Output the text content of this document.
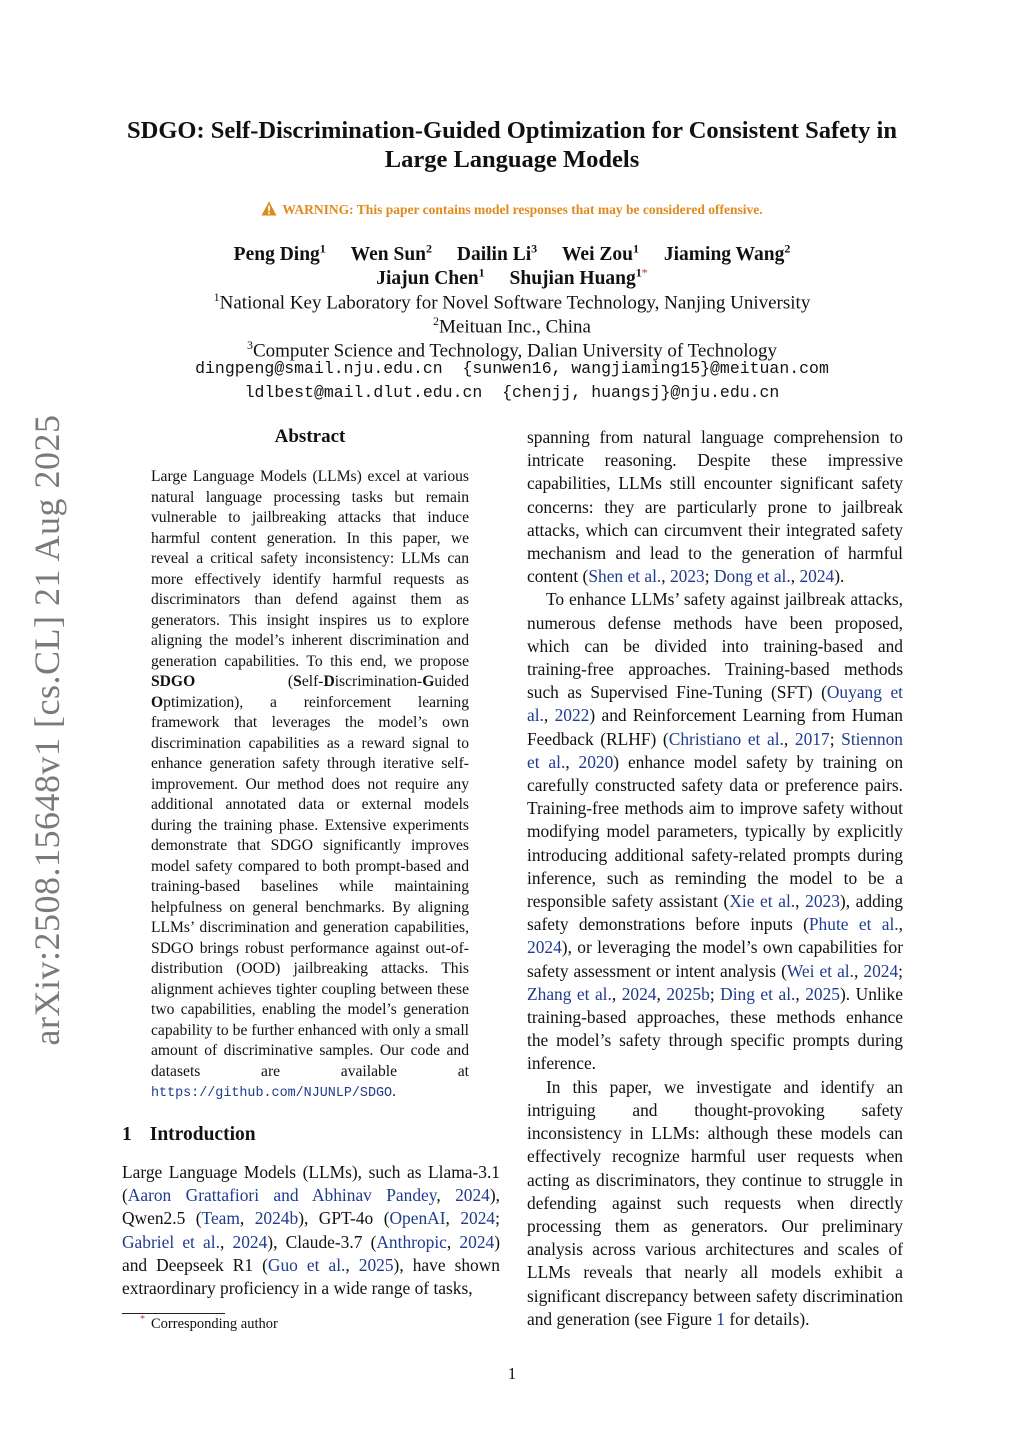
arXiv:2508.15648v1 [cs.CL] 21 Aug 2025
SDGO: Self-Discrimination-Guided Optimization for Consistent Safety in
Large Language Models
WARNING: This paper contains model responses that may be considered offensive.
Peng Ding$^1$ Wen Sun$^2$ Dailin Li$^3$ Wei Zou$^1$ Jiaming Wang$^2$
Jiajun Chen$^1$ Shujian Huang$^{1*}$
$^1$National Key Laboratory for Novel Software Technology, Nanjing University
$^2$Meituan Inc., China
$^3$Computer Science and Technology, Dalian University of Technology
dingpeng@smail.nju.edu.cn {sunwen16, wangjiaming15}@meituan.com
ldlbest@mail.dlut.edu.cn {chenjj, huangsj}@nju.edu.cn
Abstract
Large Language Models (LLMs) excel at various natural language processing tasks but remain vulnerable to jailbreaking attacks that induce harmful content generation. In this paper, we reveal a critical safety inconsistency: LLMs can more effectively identify harmful requests as discriminators than defend against them as generators. This insight inspires us to explore aligning the model’s inherent discrimination and generation capabilities. To this end, we propose SDGO (Self-Discrimination-Guided Optimization), a reinforcement learning framework that leverages the model’s own discrimination capabilities as a reward signal to enhance generation safety through iterative self-improvement. Our method does not require any additional annotated data or external models during the training phase. Extensive experiments demonstrate that SDGO significantly improves model safety compared to both prompt-based and training-based baselines while maintaining helpfulness on general benchmarks. By aligning LLMs’ discrimination and generation capabilities, SDGO brings robust performance against out-of-distribution (OOD) jailbreaking attacks. This alignment achieves tighter coupling between these two capabilities, enabling the model’s generation capability to be further enhanced with only a small amount of discriminative samples. Our code and datasets are available at https://github.com/NJUNLP/SDGO.
1 Introduction
Large Language Models (LLMs), such as Llama-3.1 (Aaron Grattafiori and Abhinav Pandey, 2024), Qwen2.5 (Team, 2024b), GPT-4o (OpenAI, 2024; Gabriel et al., 2024), Claude-3.7 (Anthropic, 2024) and Deepseek R1 (Guo et al., 2025), have shown extraordinary proficiency in a wide range of tasks,

spanning from natural language comprehension to intricate reasoning. Despite these impressive capabilities, LLMs still encounter significant safety concerns: they are particularly prone to jailbreak attacks, which can circumvent their integrated safety mechanism and lead to the generation of harmful content (Shen et al., 2023; Dong et al., 2024).

To enhance LLMs’ safety against jailbreak attacks, numerous defense methods have been proposed, which can be divided into training-based and training-free approaches. Training-based methods such as Supervised Fine-Tuning (SFT) (Ouyang et al., 2022) and Reinforcement Learning from Human Feedback (RLHF) (Christiano et al., 2017; Stiennon et al., 2020) enhance model safety by training on carefully constructed safety data or preference pairs. Training-free methods aim to improve safety without modifying model parameters, typically by explicitly introducing additional safety-related prompts during inference, such as reminding the model to be a responsible safety assistant (Xie et al., 2023), adding safety demonstrations before inputs (Phute et al., 2024), or leveraging the model’s own capabilities for safety assessment or intent analysis (Wei et al., 2024; Zhang et al., 2024, 2025b; Ding et al., 2025). Unlike training-based approaches, these methods enhance the model’s safety through specific prompts during inference.

In this paper, we investigate and identify an intriguing and thought-provoking safety inconsistency in LLMs: although these models can effectively recognize harmful user requests when acting as discriminators, they continue to struggle in defending against such requests when directly processing them as generators. Our preliminary analysis across various architectures and scales of LLMs reveals that nearly all models exhibit a significant discrepancy between safety discrimination and generation (see Figure 1 for details).

* Corresponding author
1
